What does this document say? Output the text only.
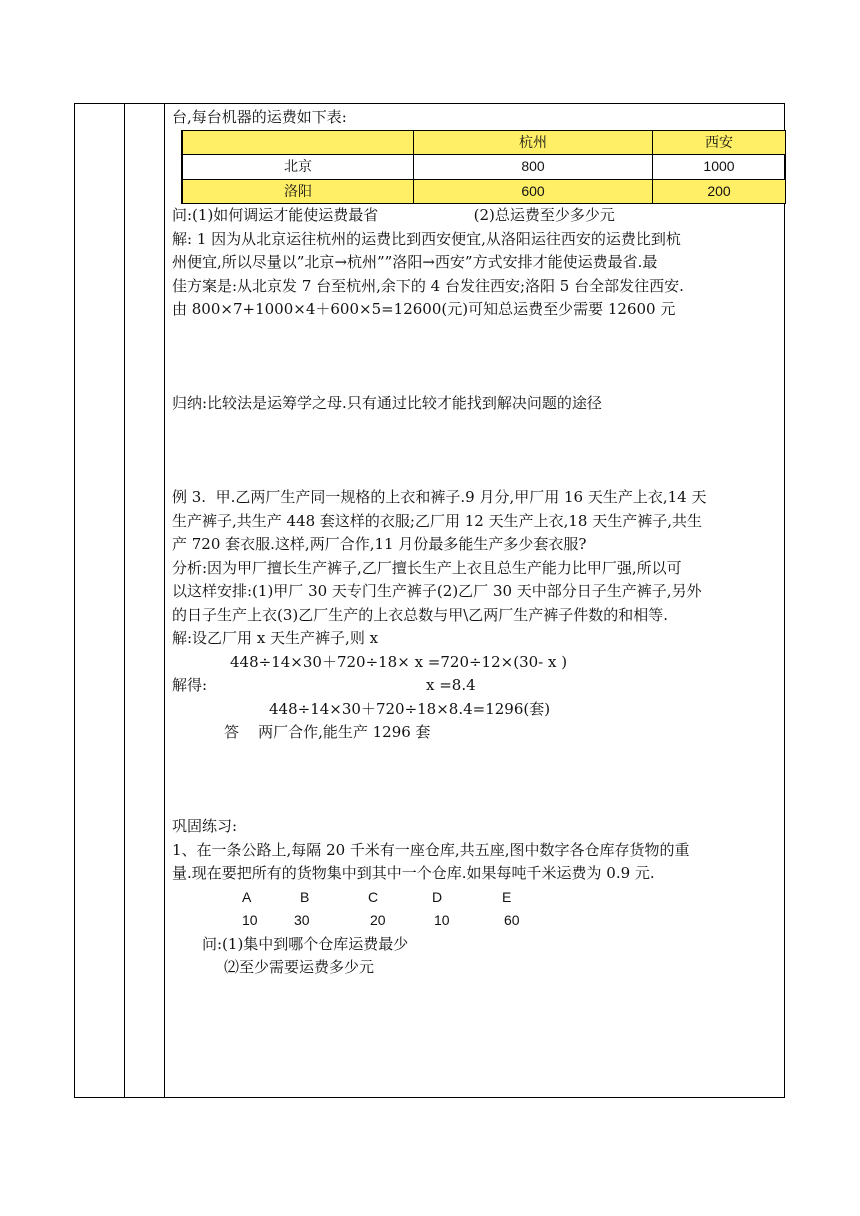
台,每台机器的运费如下表:

	杭州	西安
北京	800	1000
洛阳	600	200

问:(1)如何调运才能使运费最省                    (2)总运费至少多少元

解: 1 因为从北京运往杭州的运费比到西安便宜,从洛阳运往西安的运费比到杭

州便宜,所以尽量以”北京→杭州””洛阳→西安”方式安排才能使运费最省.最

佳方案是:从北京发 7 台至杭州,余下的 4 台发往西安;洛阳 5 台全部发往西安.

由 800×7+1000×4＋600×5=12600(元)可知总运费至少需要 12600 元

归纳:比较法是运筹学之母.只有通过比较才能找到解决问题的途径

例 3.  甲.乙两厂生产同一规格的上衣和裤子.9 月分,甲厂用 16 天生产上衣,14 天

生产裤子,共生产 448 套这样的衣服;乙厂用 12 天生产上衣,18 天生产裤子,共生

产 720 套衣服.这样,两厂合作,11 月份最多能生产多少套衣服?

分析:因为甲厂擅长生产裤子,乙厂擅长生产上衣且总生产能力比甲厂强,所以可

以这样安排:(1)甲厂 30 天专门生产裤子(2)乙厂 30 天中部分日子生产裤子,另外

的日子生产上衣(3)乙厂生产的上衣总数与甲\乙两厂生产裤子件数的和相等.

解:设乙厂用 x 天生产裤子,则 x

448÷14×30＋720÷18× x =720÷12×(30- x )

解得:	x =8.4

448÷14×30＋720÷18×8.4=1296(套)

答    两厂合作,能生产 1296 套

巩固练习:

1、在一条公路上,每隔 20 千米有一座仓库,共五座,图中数字各仓库存货物的重

量.现在要把所有的货物集中到其中一个仓库.如果每吨千米运费为 0.9 元.

A	B	C	D	E
10	30	20	10	60

问:(1)集中到哪个仓库运费最少

⑵至少需要运费多少元
